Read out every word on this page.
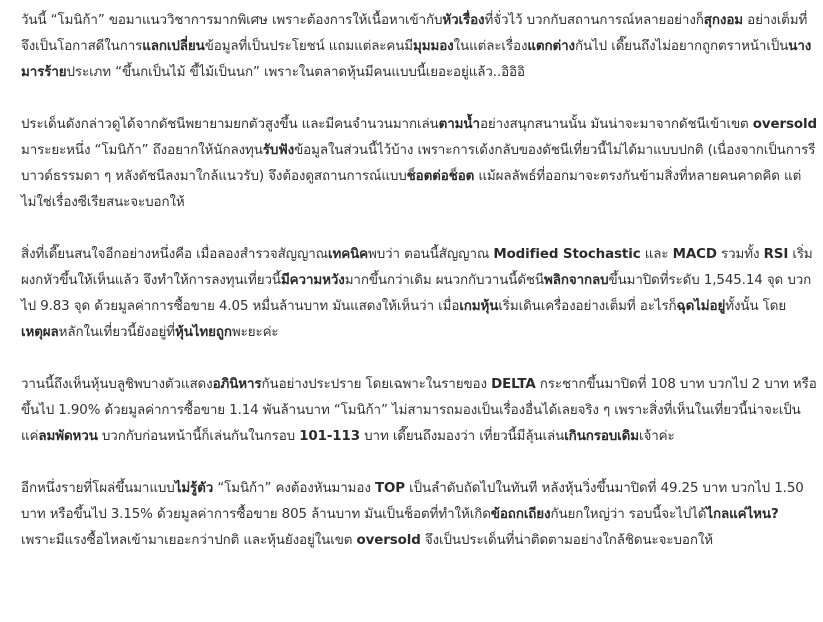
วันนี้ “โมนิก้า” ขอมาแนววิชาการมากพิเศษ เพราะต้องการให้เนื้อหาเข้ากับหัวเรื่องที่จั่วไว้ บวกกับสถานการณ์หลายอย่างก็สุกงอม อย่างเต็มที่ จึงเป็นโอกาสดีในการแลกเปลี่ยนข้อมูลที่เป็นประโยชน์ แถมแต่ละคนมีมุมมองในแต่ละเรื่องแตกต่างกันไป เดี๊ยนถึงไม่อยากถูกตราหน้าเป็นนางมารร้ายประเภท “ขึ้นกเป็นไม้ ขี้ไม้เป็นนก” เพราะในตลาดหุ้นมีคนแบบนี้เยอะอยู่แล้ว..อิอิอิ

ประเด็นดังกล่าวดูได้จากดัชนีพยายามยกตัวสูงขึ้น และมีคนจำนวนมากเล่นตามน้ำอย่างสนุกสนานนั้น มันน่าจะมาจากดัชนีเข้าเขต oversold มาระยะหนึ่ง “โมนิก้า” ถึงอยากให้นักลงทุนรับฟังข้อมูลในส่วนนี้ไว้บ้าง เพราะการเด้งกลับของดัชนีเที่ยวนี้ไม่ได้มาแบบปกติ (เนื่องจากเป็นการรีบาวด์ธรรมดา ๆ หลังดัชนีลงมาใกล้แนวรับ) จึงต้องดูสถานการณ์แบบช็อตต่อช็อต แม้ผลลัพธ์ที่ออกมาจะตรงกันข้ามสิ่งที่หลายคนคาดคิด แต่ไม่ใช่เรื่องซีเรียสนะจะบอกให้

สิ่งที่เดี๊ยนสนใจอีกอย่างหนึ่งคือ เมื่อลองสำรวจสัญญาณเทคนิคพบว่า ตอนนี้สัญญาณ Modified Stochastic และ MACD รวมทั้ง RSI เริ่มผงกหัวขึ้นให้เห็นแล้ว จึงทำให้การลงทุนเที่ยวนี้มีความหวังมากขึ้นกว่าเดิม ผนวกกับวานนี้ดัชนีพลิกจากลบขึ้นมาปิดที่ระดับ 1,545.14 จุด บวกไป 9.83 จุด ด้วยมูลค่าการซื้อขาย 4.05 หมื่นล้านบาท มันแสดงให้เห็นว่า เมื่อเกมหุ้นเริ่มเดินเครื่องอย่างเต็มที่ อะไรก็ฉุดไม่อยู่ทั้งนั้น โดยเหตุผลหลักในเที่ยวนี้ยังอยู่ที่หุ้นไทยถูกพะยะค่ะ

วานนี้ถึงเห็นหุ้นบลูชิพบางตัวแสดงอภินิหารกันอย่างประปราย โดยเฉพาะในรายของ DELTA กระชากขึ้นมาปิดที่ 108 บาท บวกไป 2 บาท หรือขึ้นไป 1.90% ด้วยมูลค่าการซื้อขาย 1.14 พันล้านบาท “โมนิก้า” ไม่สามารถมองเป็นเรื่องอื่นได้เลยจริง ๆ เพราะสิ่งที่เห็นในเที่ยวนี้น่าจะเป็นแค่ลมพัดหวน บวกกับก่อนหน้านี้ก็เล่นกันในกรอบ 101-113 บาท เดี๊ยนถึงมองว่า เที่ยวนี้มีลุ้นเล่นเกินกรอบเดิมเจ้าค่ะ

อีกหนึ่งรายที่โผล่ขึ้นมาแบบไม่รู้ตัว “โมนิก้า” คงต้องหันมามอง TOP เป็นลำดับถัดไปในทันที หลังหุ้นวิ่งขึ้นมาปิดที่ 49.25 บาท บวกไป 1.50 บาท หรือขึ้นไป 3.15% ด้วยมูลค่าการซื้อขาย 805 ล้านบาท มันเป็นช็อตที่ทำให้เกิดข้อถกเถียงกันยกใหญ่ว่า รอบนี้จะไปได้ไกลแค่ไหน? เพราะมีแรงซื้อไหลเข้ามาเยอะกว่าปกติ และหุ้นยังอยู่ในเขต oversold จึงเป็นประเด็นที่น่าติดตามอย่างใกล้ชิดนะจะบอกให้
